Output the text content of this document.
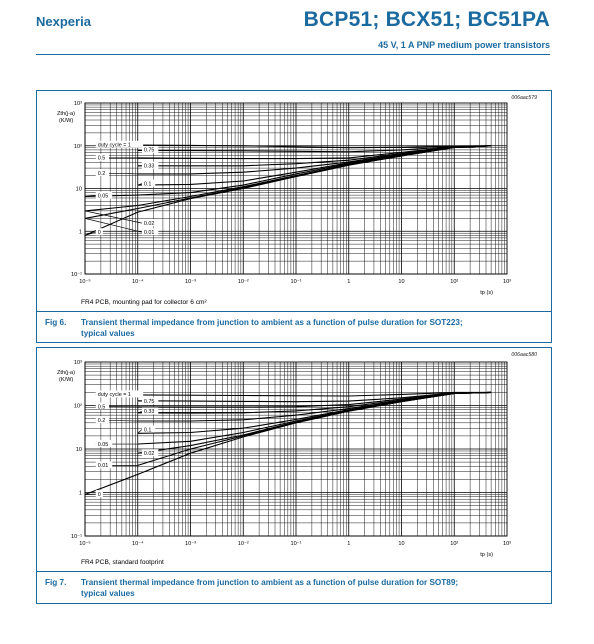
Nexperia	BCP51; BCX51; BC51PA
45 V, 1 A PNP medium power transistors
10⁻⁵	10⁻⁴	10⁻³	10⁻²	10⁻¹	1	10	10²	10³
10⁻¹
1
10
10²
10³
Zth(j-a)
(K/W)
tp (s)
duty cycle = 1
0.75
0.5
0.33
0.2
0.1
0.05
0.02
0.01
0
006aac579
FR4 PCB, mounting pad for collector 6 cm²
Fig 6. Transient thermal impedance from junction to ambient as a function of pulse duration for SOT223;
typical values
10⁻⁵	10⁻⁴	10⁻³	10⁻²	10⁻¹	1	10	10²	10³
10⁻¹
1
10
10²
10³
Zth(j-a)
(K/W)
tp (s)
duty cycle = 1
0.75
0.5
0.33
0.2
0.1
0.05
0.02
0.01
0
006aac580
FR4 PCB, standard footprint
Fig 7. Transient thermal impedance from junction to ambient as a function of pulse duration for SOT89;
typical values
